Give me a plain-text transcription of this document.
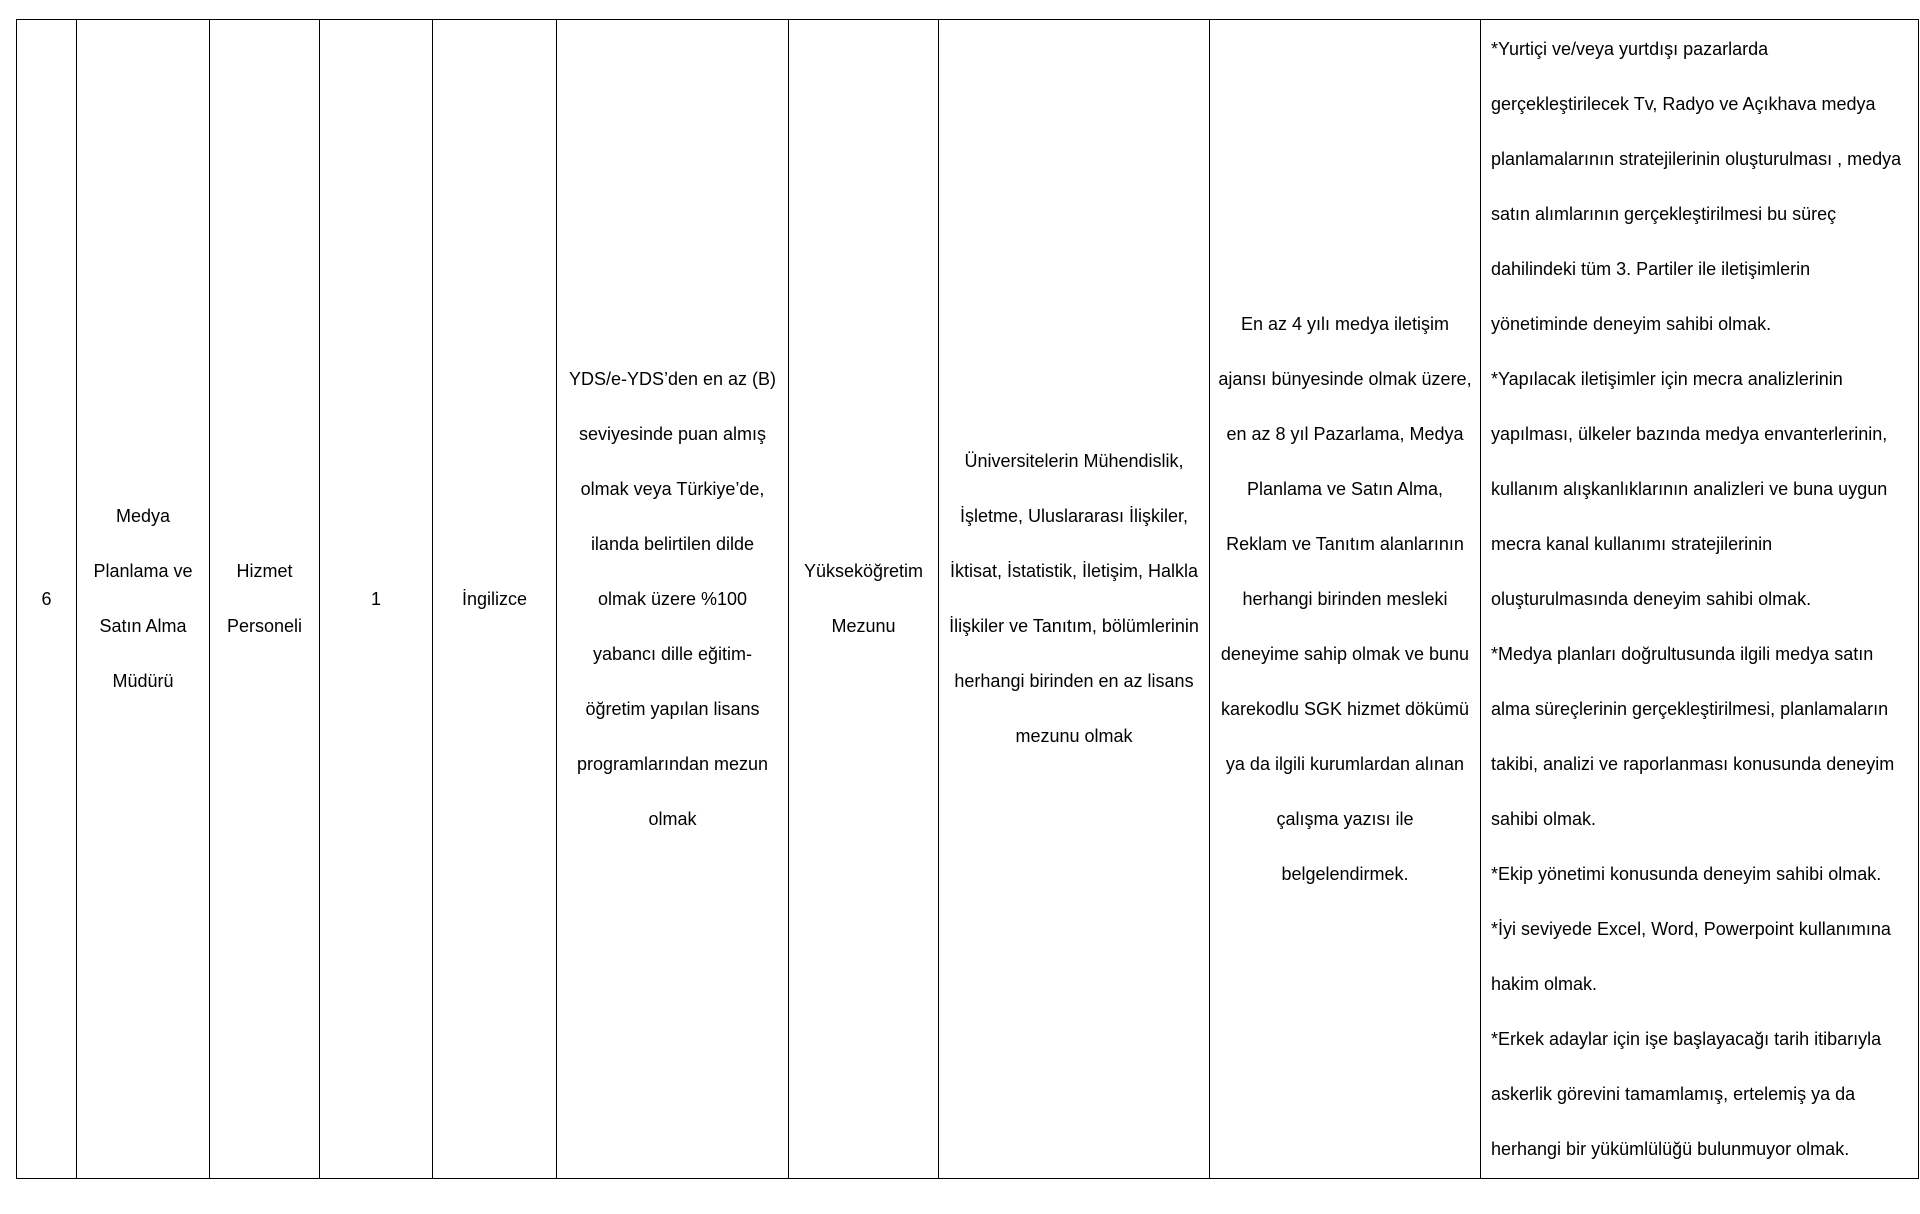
6

Medya Planlama ve Satın Alma Müdürü

Hizmet Personeli

1	İngilizce

YDS/e-YDS’den en az (B) seviyesinde puan almış olmak veya Türkiye’de, ilanda belirtilen dilde olmak üzere %100 yabancı dille eğitim-öğretim yapılan lisans programlarından mezun olmak

Yükseköğretim Mezunu

Üniversitelerin Mühendislik, İşletme, Uluslararası İlişkiler, İktisat, İstatistik, İletişim, Halkla İlişkiler ve Tanıtım, bölümlerinin herhangi birinden en az lisans mezunu olmak

En az 4 yılı medya iletişim ajansı bünyesinde olmak üzere, en az 8 yıl Pazarlama, Medya Planlama ve Satın Alma, Reklam ve Tanıtım alanlarının herhangi birinden mesleki deneyime sahip olmak ve bunu karekodlu SGK hizmet dökümü ya da ilgili kurumlardan alınan çalışma yazısı ile belgelendirmek.

*Yurtiçi ve/veya yurtdışı pazarlarda
gerçekleştirilecek Tv, Radyo ve Açıkhava medya
planlamalarının stratejilerinin oluşturulması , medya
satın alımlarının gerçekleştirilmesi bu süreç
dahilindeki tüm 3. Partiler ile iletişimlerin
yönetiminde deneyim sahibi olmak.
*Yapılacak iletişimler için mecra analizlerinin
yapılması, ülkeler bazında medya envanterlerinin,
kullanım alışkanlıklarının analizleri ve buna uygun
mecra kanal kullanımı stratejilerinin
oluşturulmasında deneyim sahibi olmak.
*Medya planları doğrultusunda ilgili medya satın
alma süreçlerinin gerçekleştirilmesi, planlamaların
takibi, analizi ve raporlanması konusunda deneyim
sahibi olmak.
*Ekip yönetimi konusunda deneyim sahibi olmak.
*İyi seviyede Excel, Word, Powerpoint kullanımına
hakim olmak.
*Erkek adaylar için işe başlayacağı tarih itibarıyla
askerlik görevini tamamlamış, ertelemiş ya da
herhangi bir yükümlülüğü bulunmuyor olmak.
